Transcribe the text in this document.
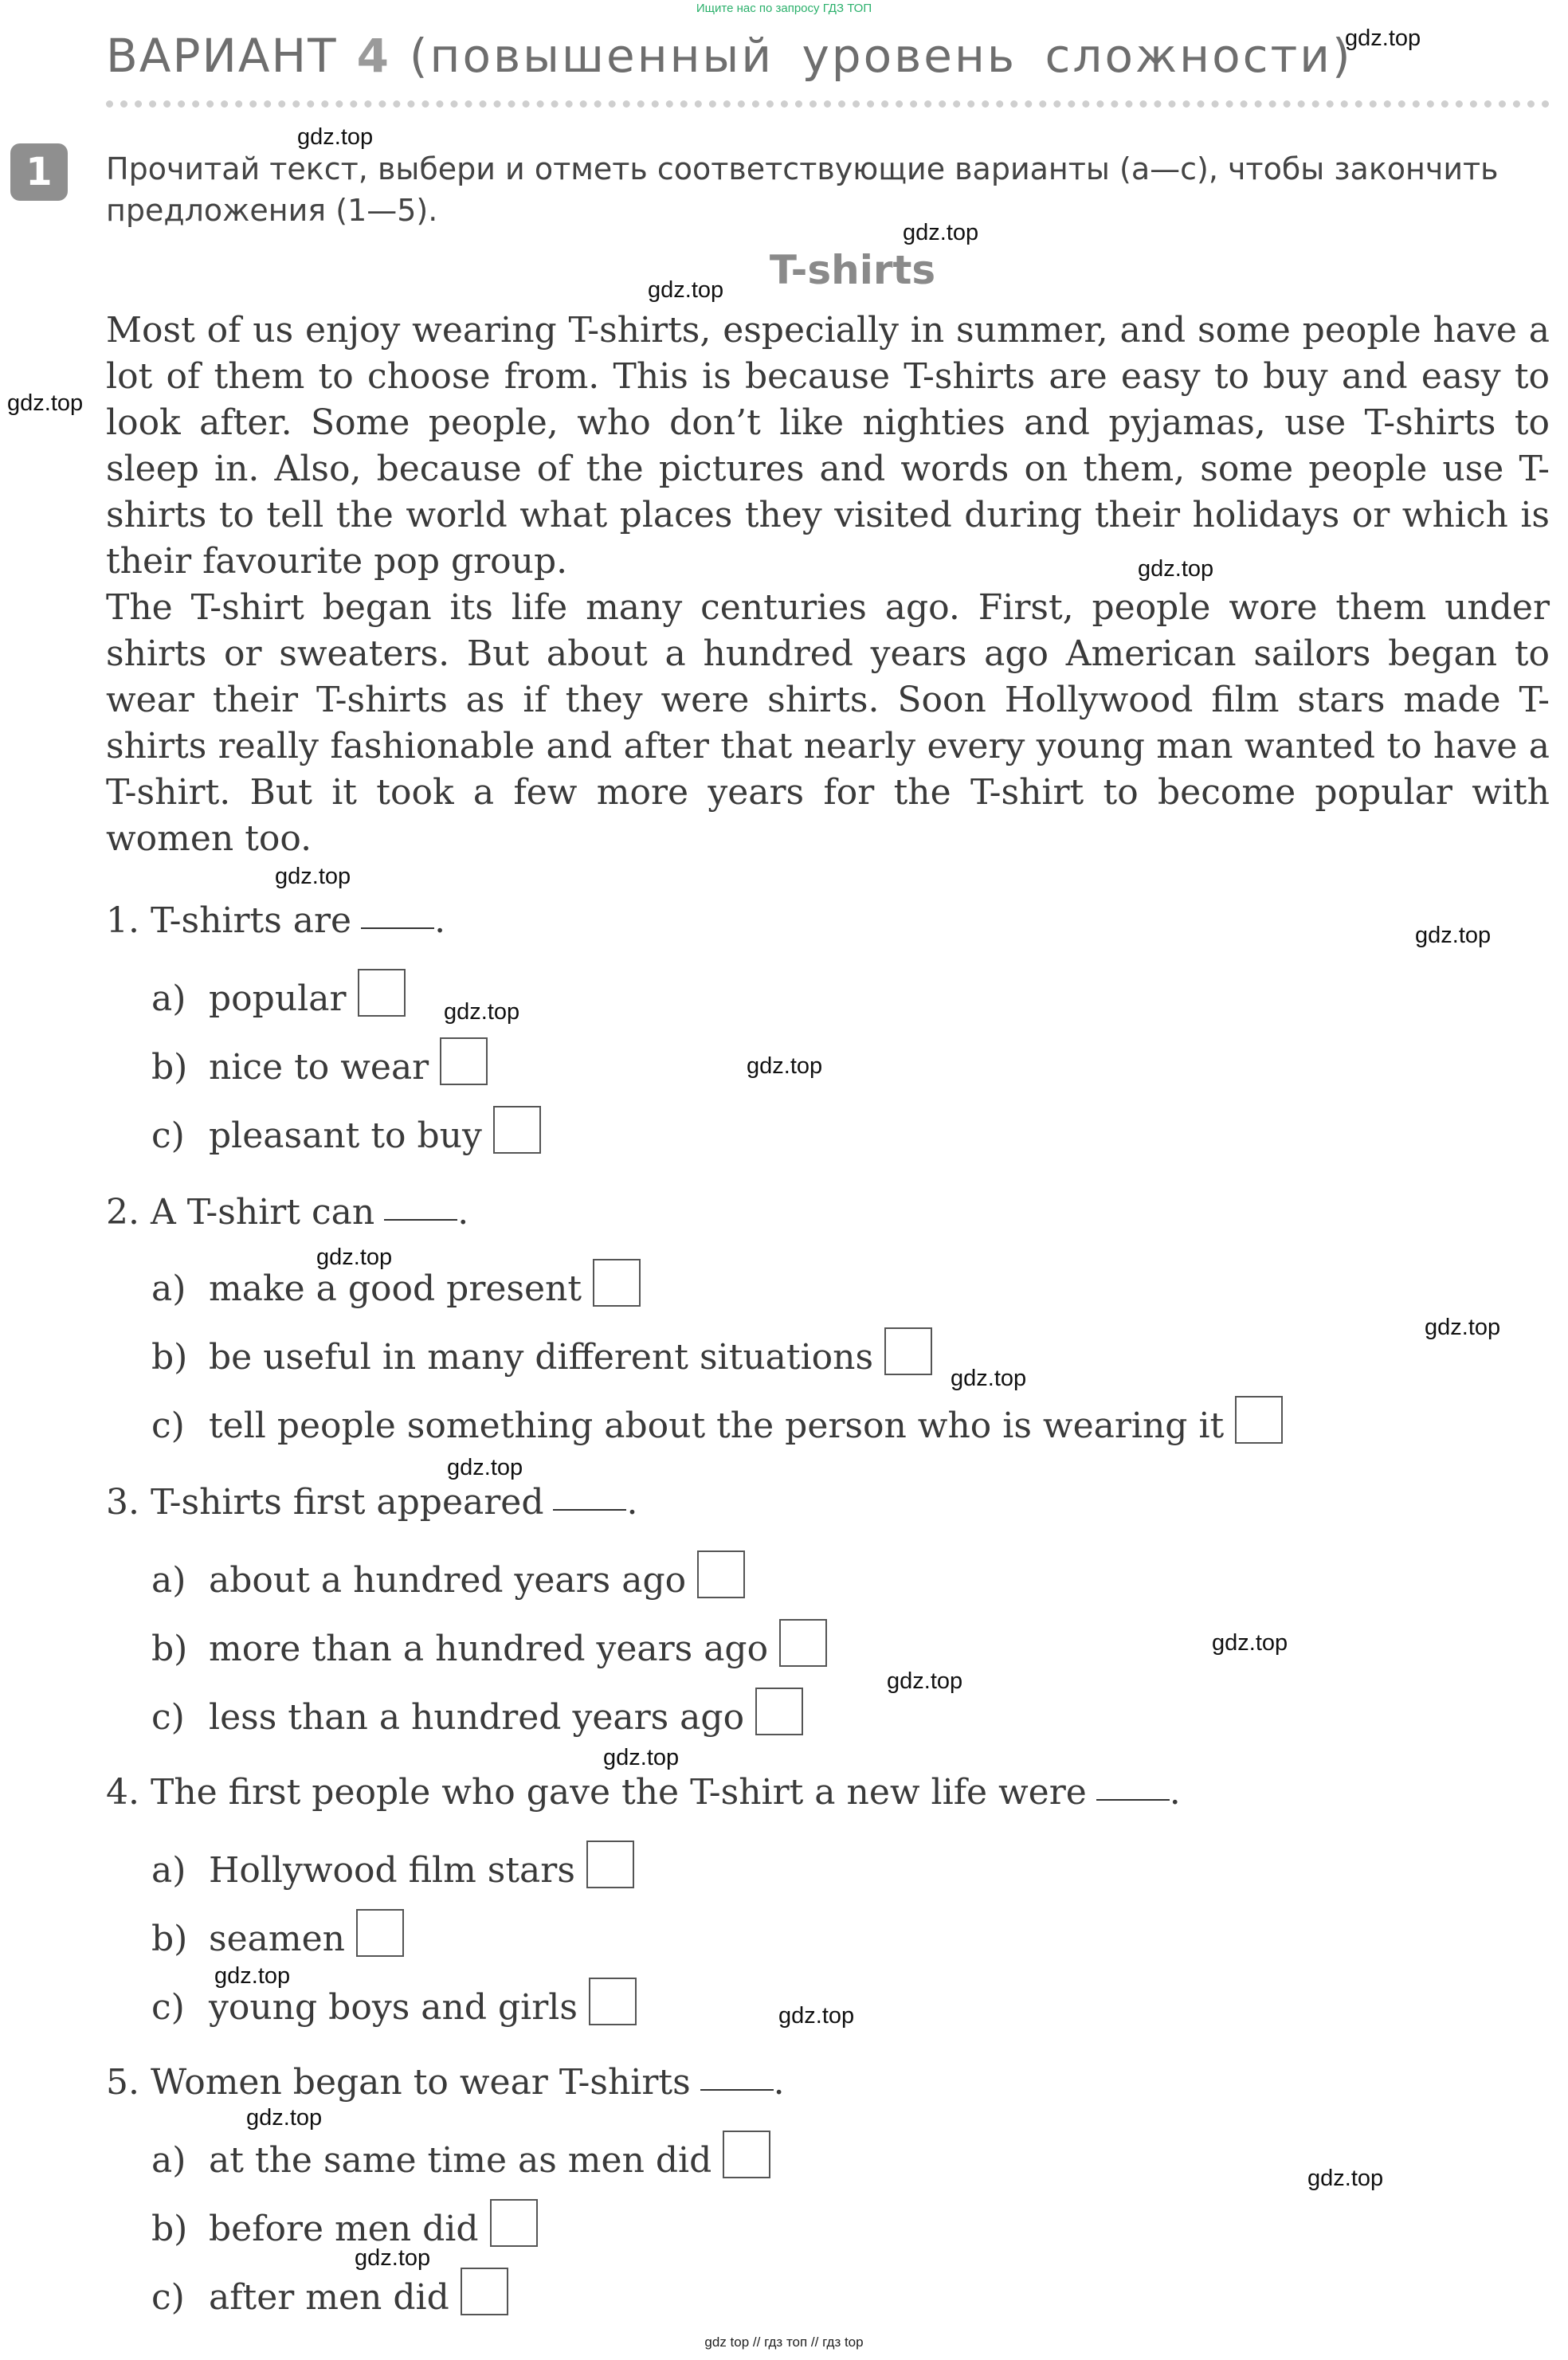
Ищите нас по запросу ГДЗ ТОП
ВАРИАНТ 4 (повышенный уровень сложности)
1	Прочитай текст, выбери и отметь соответствующие варианты (a—c), чтобы закончить предложения (1—5).
T-shirts

Most of us enjoy wearing T-shirts, especially in summer, and some people have a lot of them to choose from. This is because T-shirts are easy to buy and easy to look after. Some people, who don’t like nighties and pyjamas, use T-shirts to sleep in. Also, because of the pictures and words on them, some people use T-shirts to tell the world what places they visited during their holidays or which is their favourite pop group.

The T-shirt began its life many centuries ago. First, people wore them under shirts or sweaters. But about a hundred years ago American sailors began to wear their T-shirts as if they were shirts. Soon Hollywood film stars made T-shirts really fashionable and after that nearly every young man wanted to have a T-shirt. But it took a few more years for the T-shirt to become popular with women too.

1. T-shirts are .
a) popular
b) nice to wear
c) pleasant to buy
2. A T-shirt can .
a) make a good present
b) be useful in many different situations
c) tell people something about the person who is wearing it
3. T-shirts first appeared .
a) about a hundred years ago
b) more than a hundred years ago
c) less than a hundred years ago
4. The first people who gave the T-shirt a new life were .
a) Hollywood film stars
b) seamen
c) young boys and girls
5. Women began to wear T-shirts .
a) at the same time as men did
b) before men did
c) after men did
gdz.top
gdz.top
gdz.top
gdz.top
gdz.top
gdz.top
gdz.top
gdz.top
gdz.top
gdz.top
gdz.top
gdz.top
gdz.top
gdz.top
gdz.top
gdz.top
gdz.top
gdz.top
gdz.top
gdz.top
gdz.top
gdz.top
gdz top // гдз топ // гдз top
